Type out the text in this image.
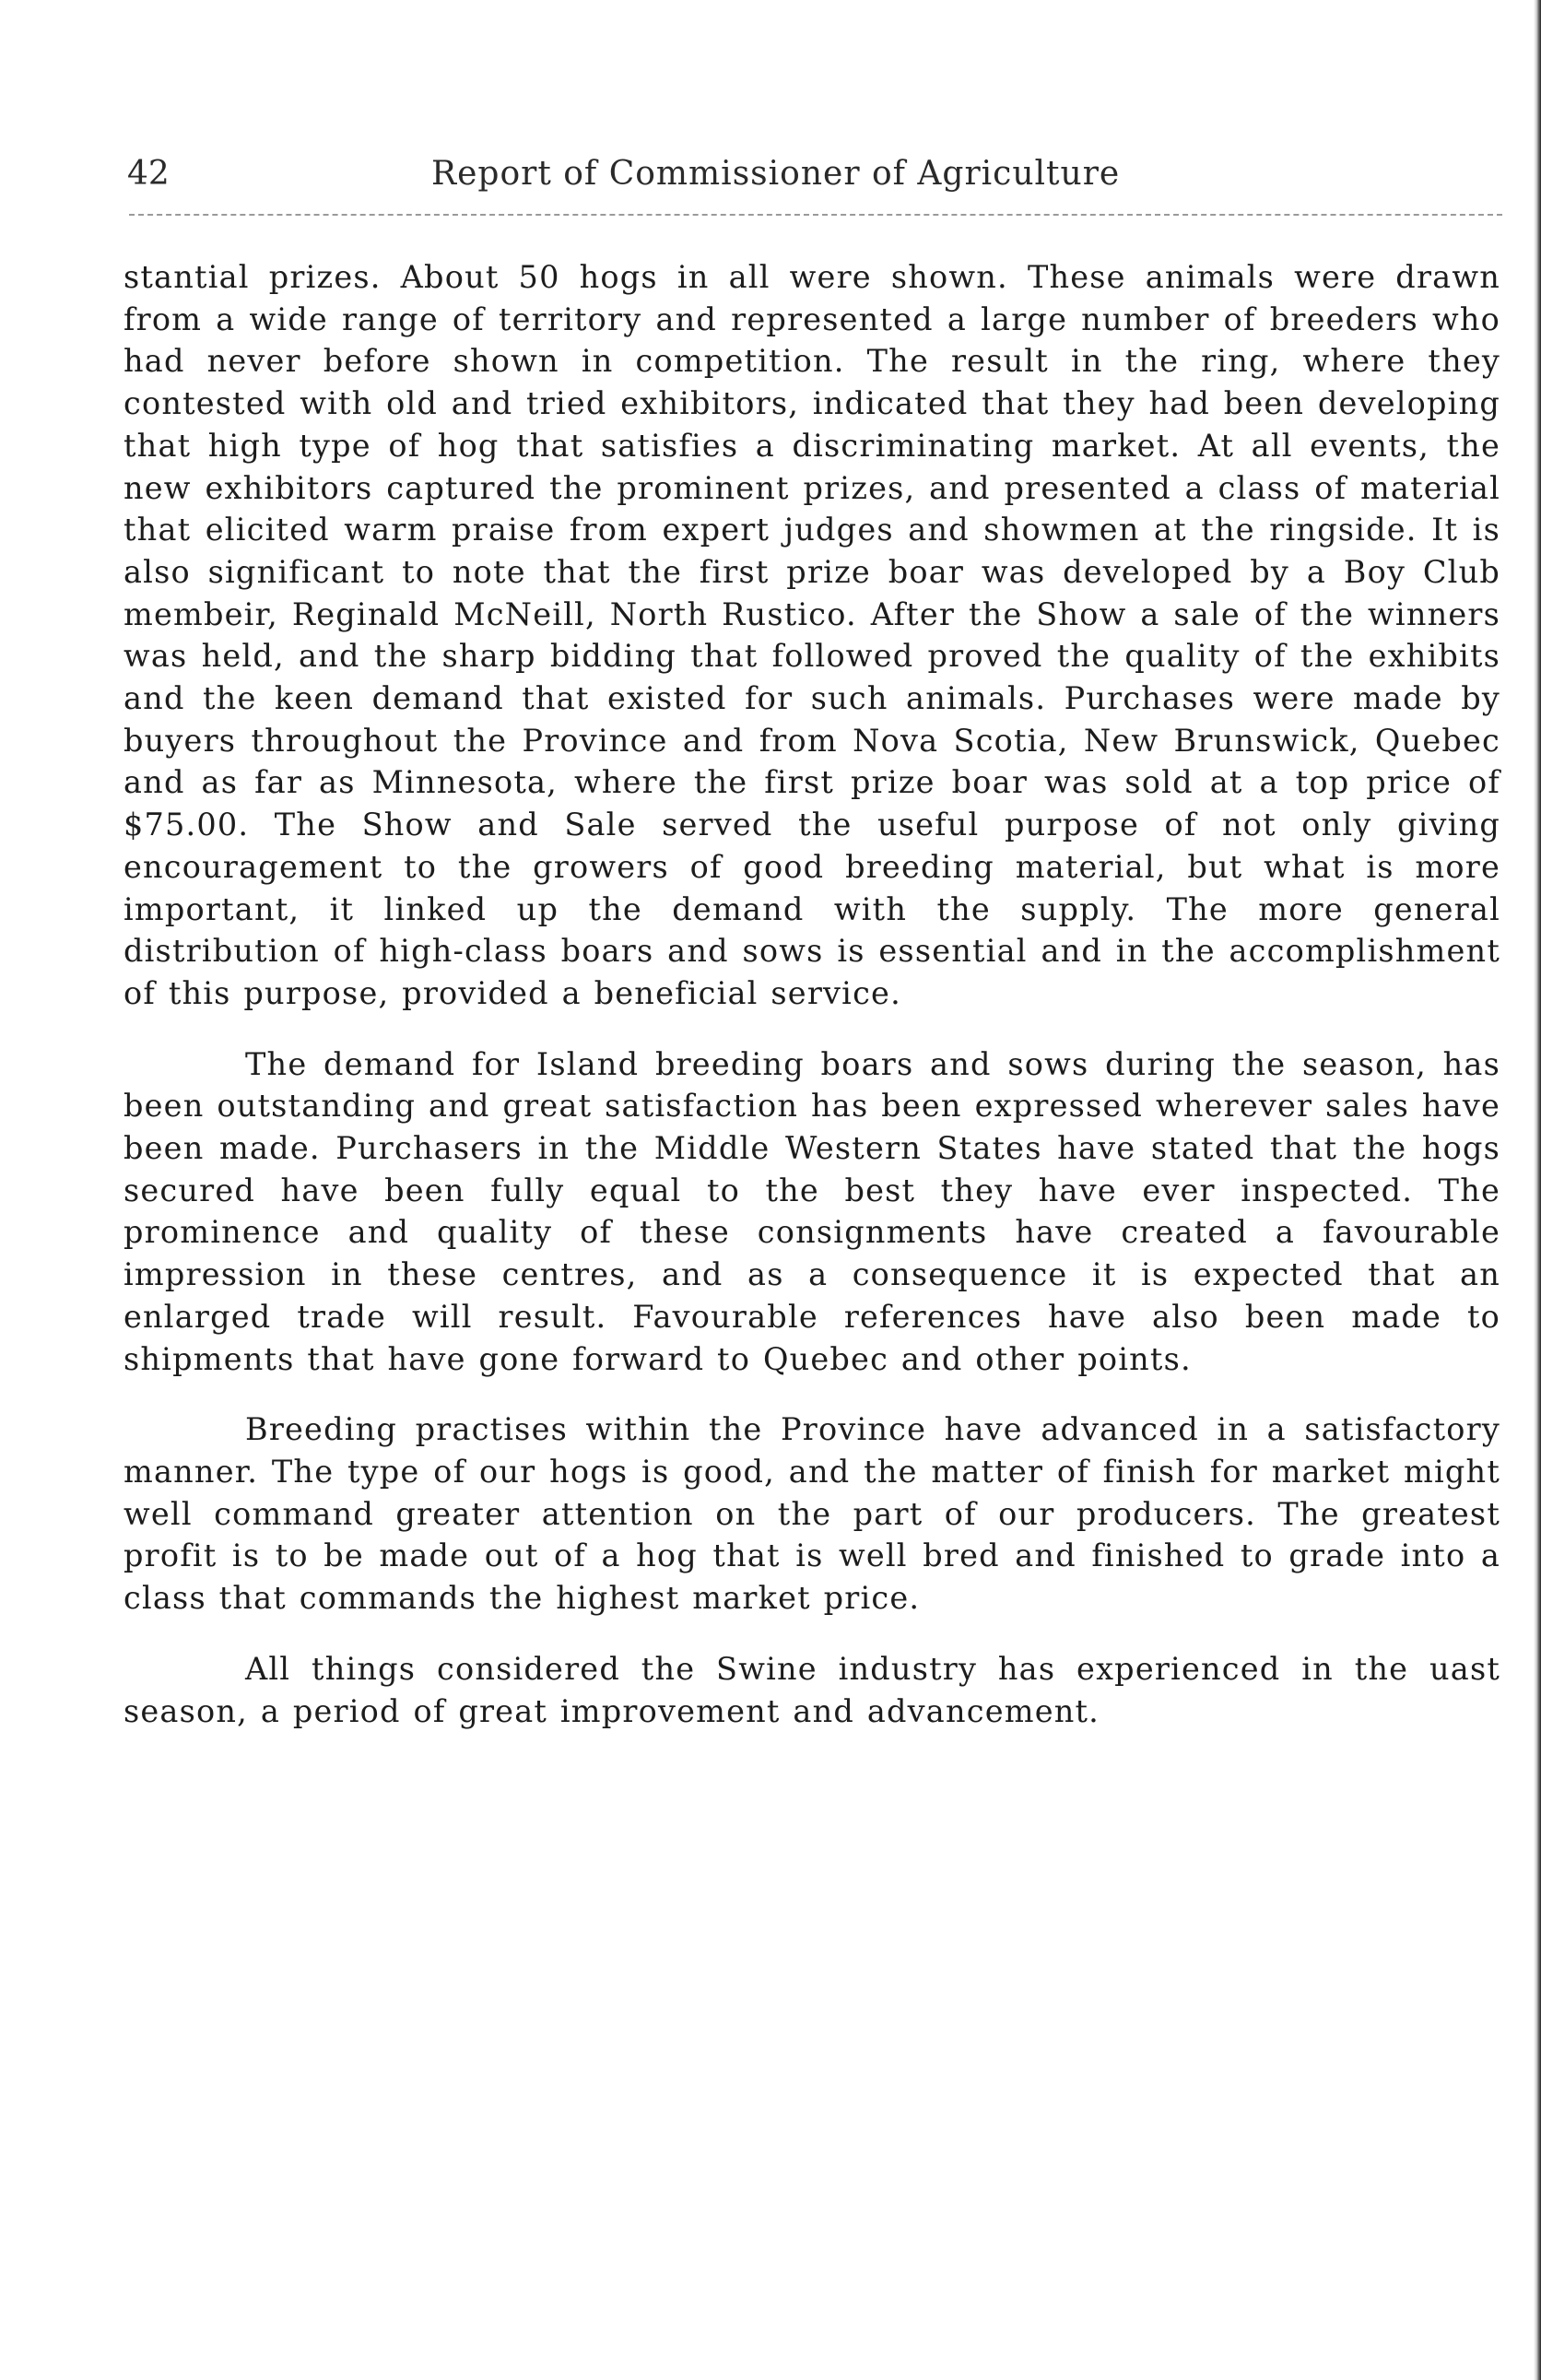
42	Report of Commissioner of Agriculture

stantial prizes. About 50 hogs in all were shown. These animals were drawn from a wide range of territory and represented a large number of breeders who had never before shown in competition. The result in the ring, where they contested with old and tried exhibitors, indicated that they had been developing that high type of hog that satisfies a discriminating market. At all events, the new exhibitors captured the prominent prizes, and presented a class of material that elicited warm praise from expert judges and showmen at the ringside. It is also significant to note that the first prize boar was developed by a Boy Club membeir, Reginald McNeill, North Rustico. After the Show a sale of the winners was held, and the sharp bidding that followed proved the quality of the exhibits and the keen demand that existed for such animals. Purchases were made by buyers throughout the Province and from Nova Scotia, New Brunswick, Quebec and as far as Minnesota, where the first prize boar was sold at a top price of $75.00. The Show and Sale served the useful purpose of not only giving encouragement to the growers of good breeding material, but what is more important, it linked up the demand with the supply. The more general distribution of high-class boars and sows is essential and in the accomplishment of this purpose, provided a beneficial service.

The demand for Island breeding boars and sows during the season, has been outstanding and great satisfaction has been expressed wherever sales have been made. Purchasers in the Middle Western States have stated that the hogs secured have been fully equal to the best they have ever inspected. The prominence and quality of these consignments have created a favourable impression in these centres, and as a consequence it is expected that an enlarged trade will result. Favourable references have also been made to shipments that have gone forward to Quebec and other points.

Breeding practises within the Province have advanced in a satisfactory manner. The type of our hogs is good, and the matter of finish for market might well command greater attention on the part of our producers. The greatest profit is to be made out of a hog that is well bred and finished to grade into a class that commands the highest market price.

All things considered the Swine industry has experienced in the uast season, a period of great improvement and advancement.
